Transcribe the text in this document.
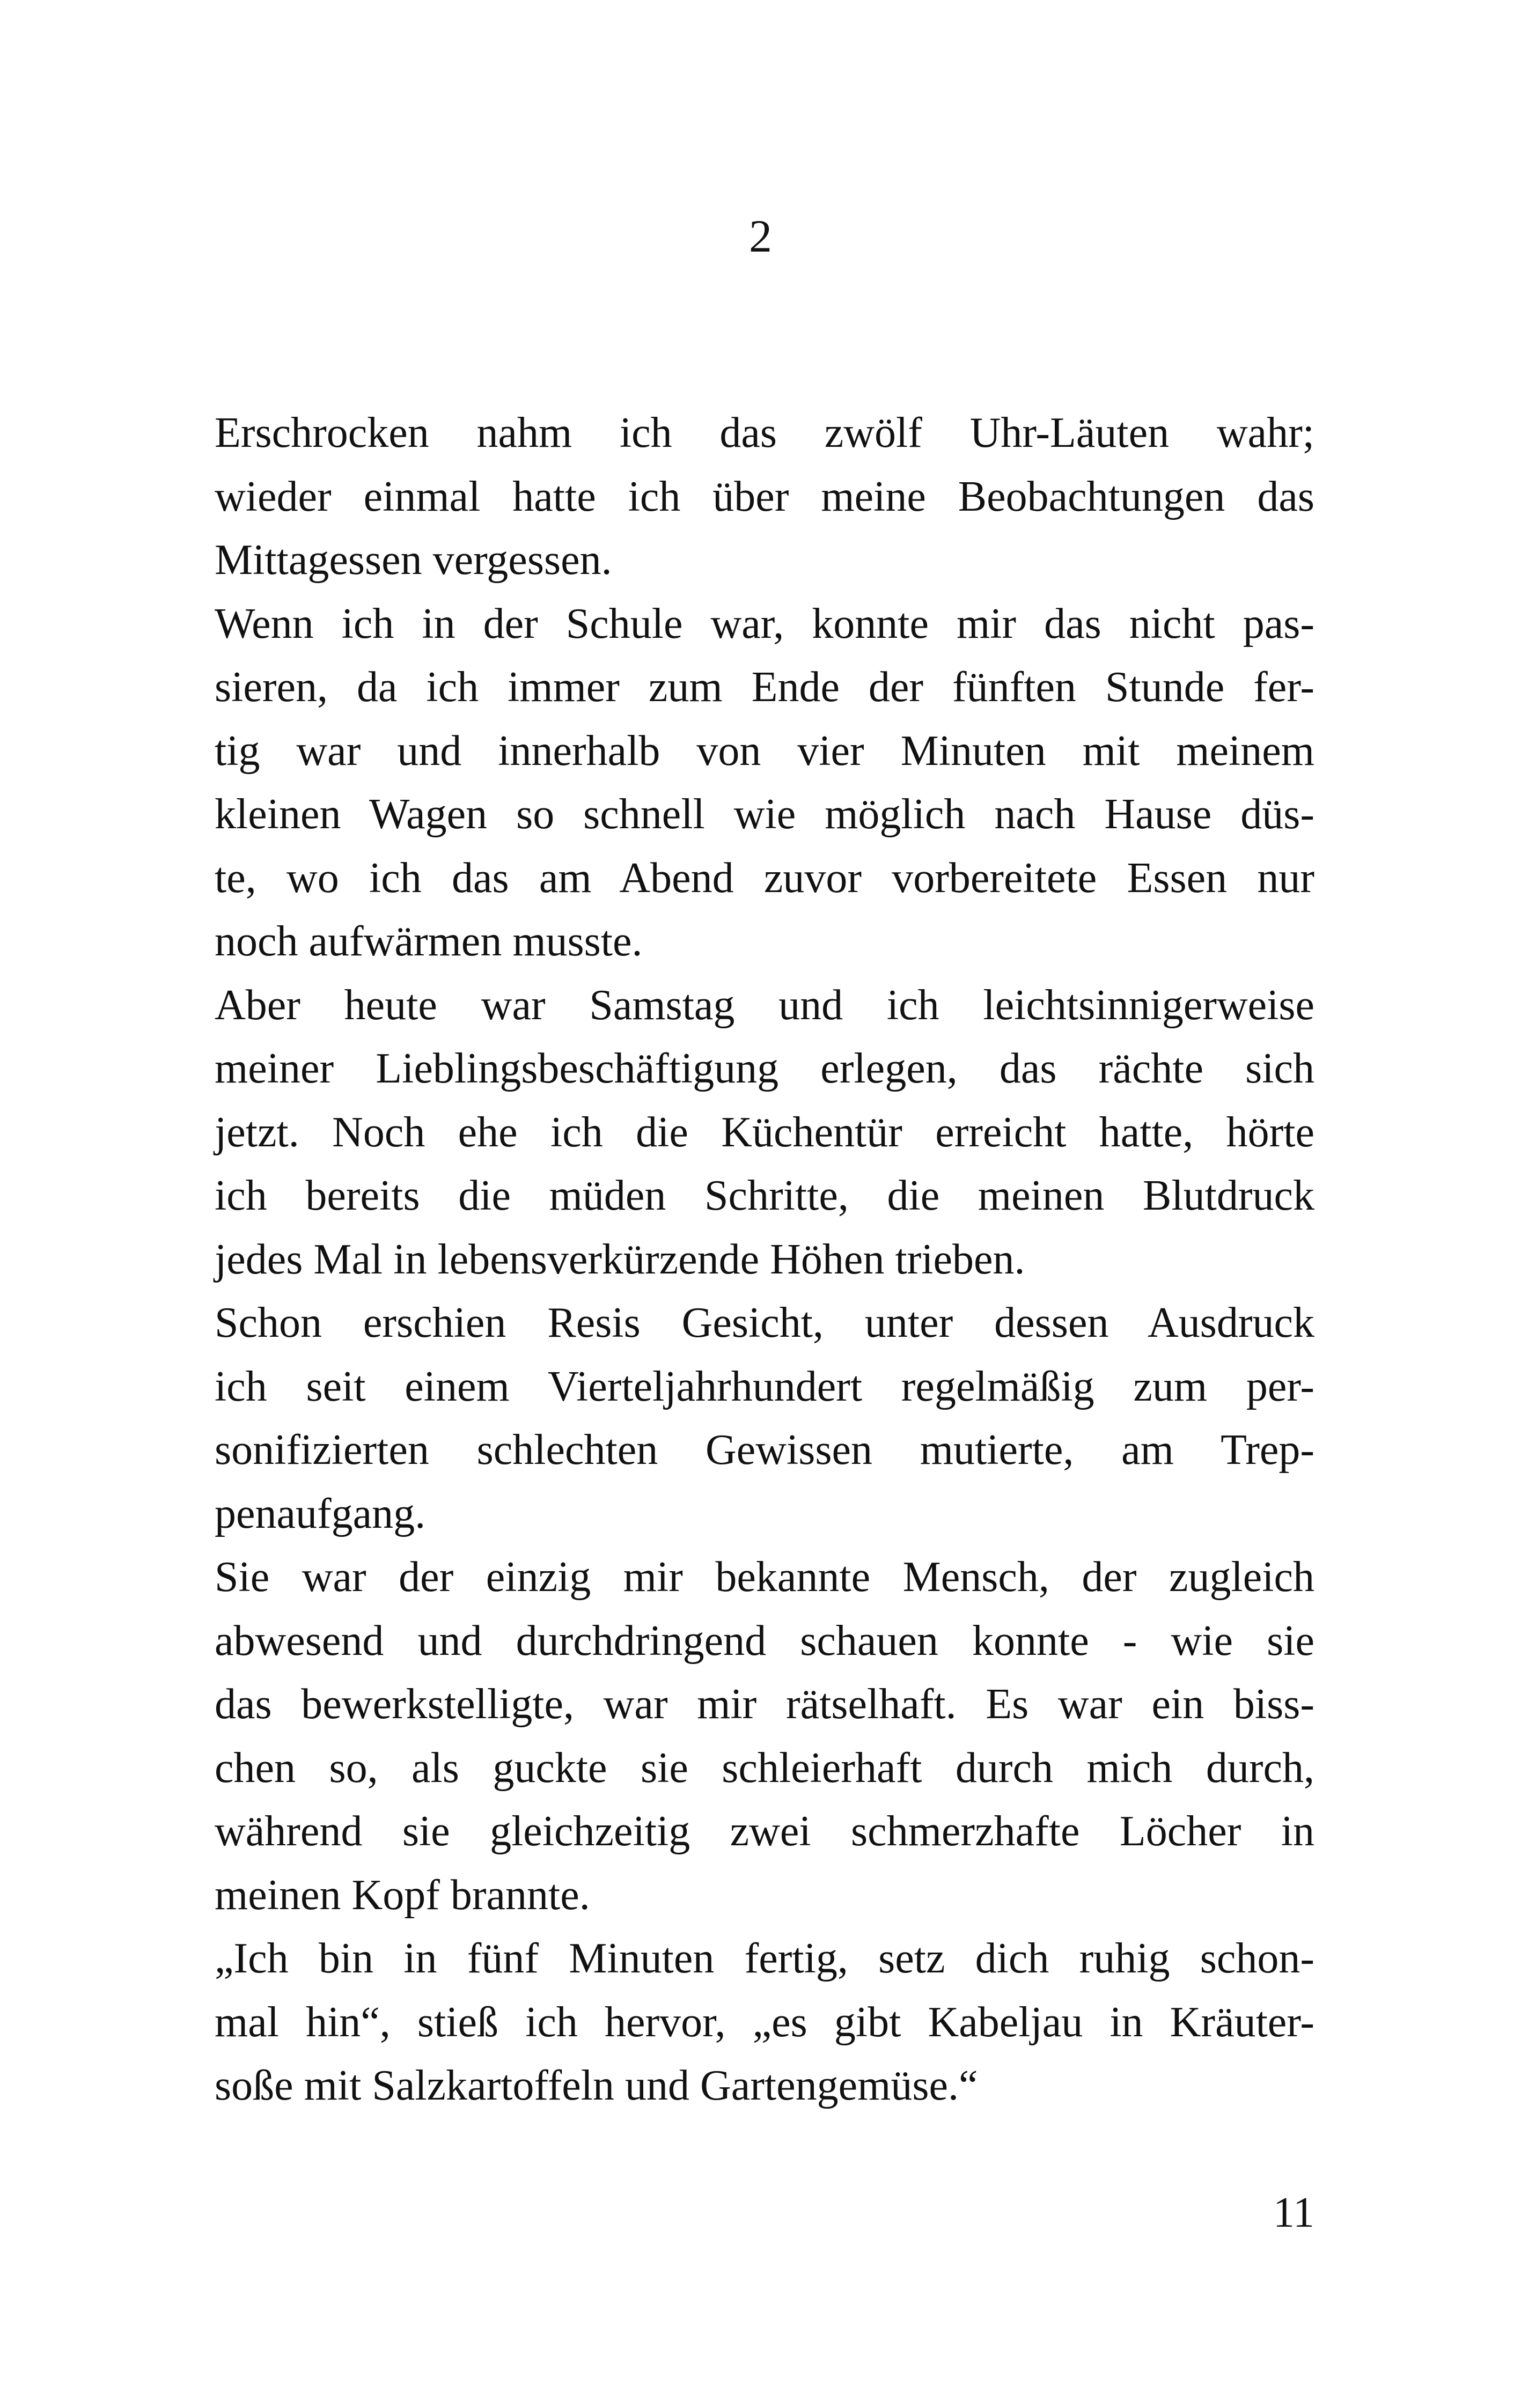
2

Erschrocken nahm ich das zwölf Uhr-Läuten wahr;
wieder einmal hatte ich über meine Beobachtungen das
Mittagessen vergessen.

Wenn ich in der Schule war, konnte mir das nicht pas-
sieren, da ich immer zum Ende der fünften Stunde fer-
tig war und innerhalb von vier Minuten mit meinem
kleinen Wagen so schnell wie möglich nach Hause düs-
te, wo ich das am Abend zuvor vorbereitete Essen nur
noch aufwärmen musste.

Aber heute war Samstag und ich leichtsinnigerweise
meiner Lieblingsbeschäftigung erlegen, das rächte sich
jetzt. Noch ehe ich die Küchentür erreicht hatte, hörte
ich bereits die müden Schritte, die meinen Blutdruck
jedes Mal in lebensverkürzende Höhen trieben.

Schon erschien Resis Gesicht, unter dessen Ausdruck
ich seit einem Vierteljahrhundert regelmäßig zum per-
sonifizierten schlechten Gewissen mutierte, am Trep-
penaufgang.

Sie war der einzig mir bekannte Mensch, der zugleich
abwesend und durchdringend schauen konnte - wie sie
das bewerkstelligte, war mir rätselhaft. Es war ein biss-
chen so, als guckte sie schleierhaft durch mich durch,
während sie gleichzeitig zwei schmerzhafte Löcher in
meinen Kopf brannte.

„Ich bin in fünf Minuten fertig, setz dich ruhig schon-
mal hin“, stieß ich hervor, „es gibt Kabeljau in Kräuter-
soße mit Salzkartoffeln und Gartengemüse.“

11
